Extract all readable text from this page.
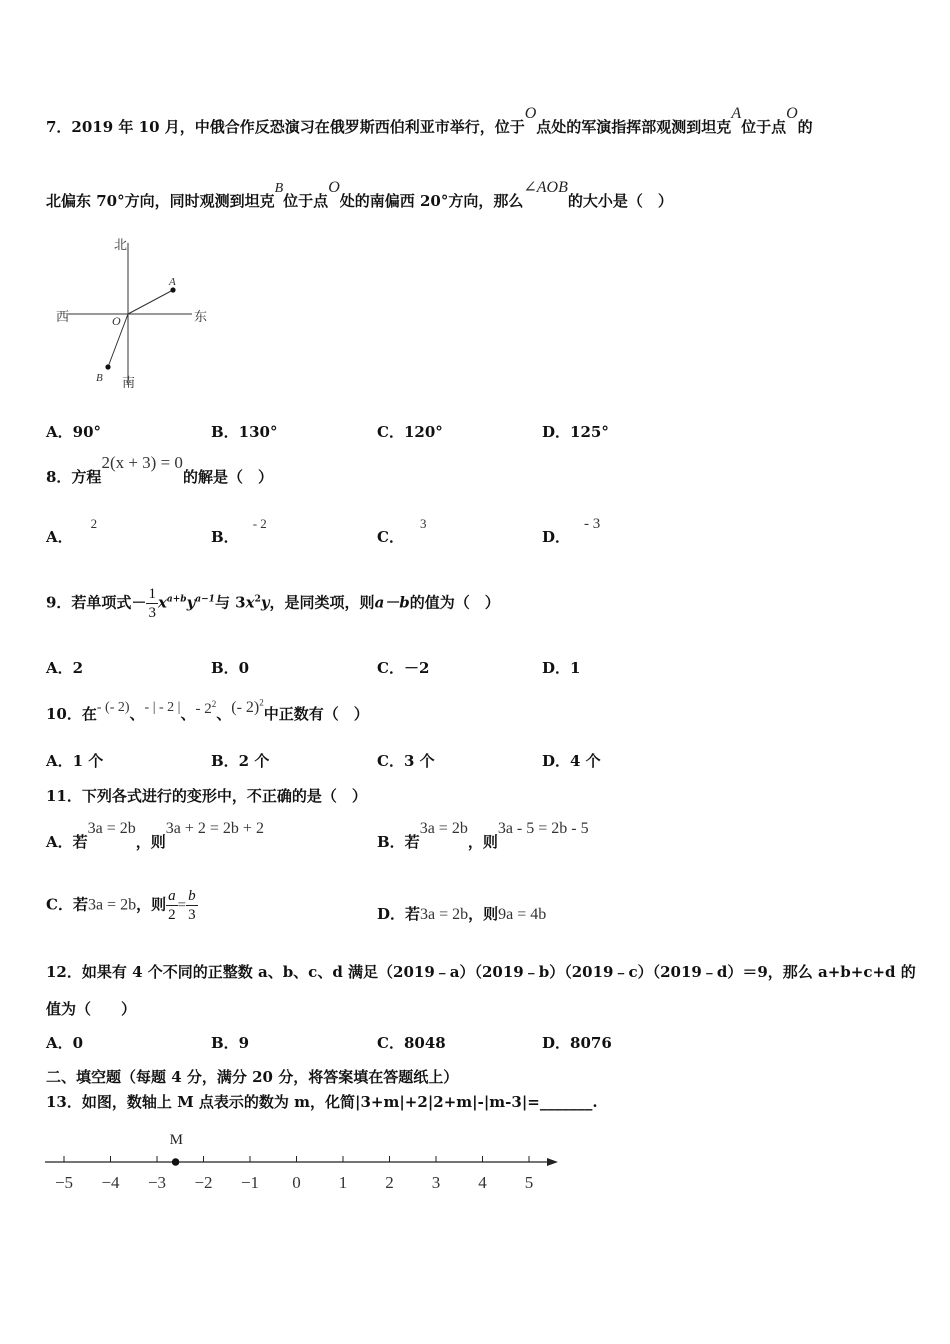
7．2019 年 10 月，中俄合作反恐演习在俄罗斯西伯利亚市举行，位于O点处的军演指挥部观测到坦克A位于点O的
北偏东 70°方向，同时观测到坦克B位于点O处的南偏西 20°方向，那么∠AOB的大小是（　）
北
南
西	东
O
A
B
A．90°	B．130°	C．120°	D．125°
8．方程2(x + 3) = 0的解是（　）
A．2
B．- 2
C．3
D．- 3
9．若单项式－ $\frac{1}{3} x^{a+b}y^{a-1}$与 $3x^2y$，是同类项，则a－b的值为（　）
A．2	B．0	C．－2	D．1
10．在- (- 2)、- | - 2 |、- $2^2$、(- 2)$^2$中正数有（　）
A．1 个	B．2 个	C．3 个	D．4 个
11．下列各式进行的变形中，不正确的是（　）
A．若3a = 2b，则3a + 2 = 2b + 2
B．若3a = 2b，则3a - 5 = 2b - 5
C．若3a = 2b，则 $\frac{a}{2} = \frac{b}{3}$	D．若3a = 2b，则9a = 4b
12．如果有 4 个不同的正整数 a、b、c、d 满足（2019﹣a）（2019﹣b）（2019﹣c）（2019﹣d）＝9，那么 a+b+c+d 的
值为（　　）
A．0	B．9	C．8048	D．8076
二、填空题（每题 4 分，满分 20 分，将答案填在答题纸上）
13．如图，数轴上 M 点表示的数为 m，化简|3+m|+2|2+m|-|m-3|=_______.
−5 −4 −3 −2 −1 0 1 2 3 4 5
M
